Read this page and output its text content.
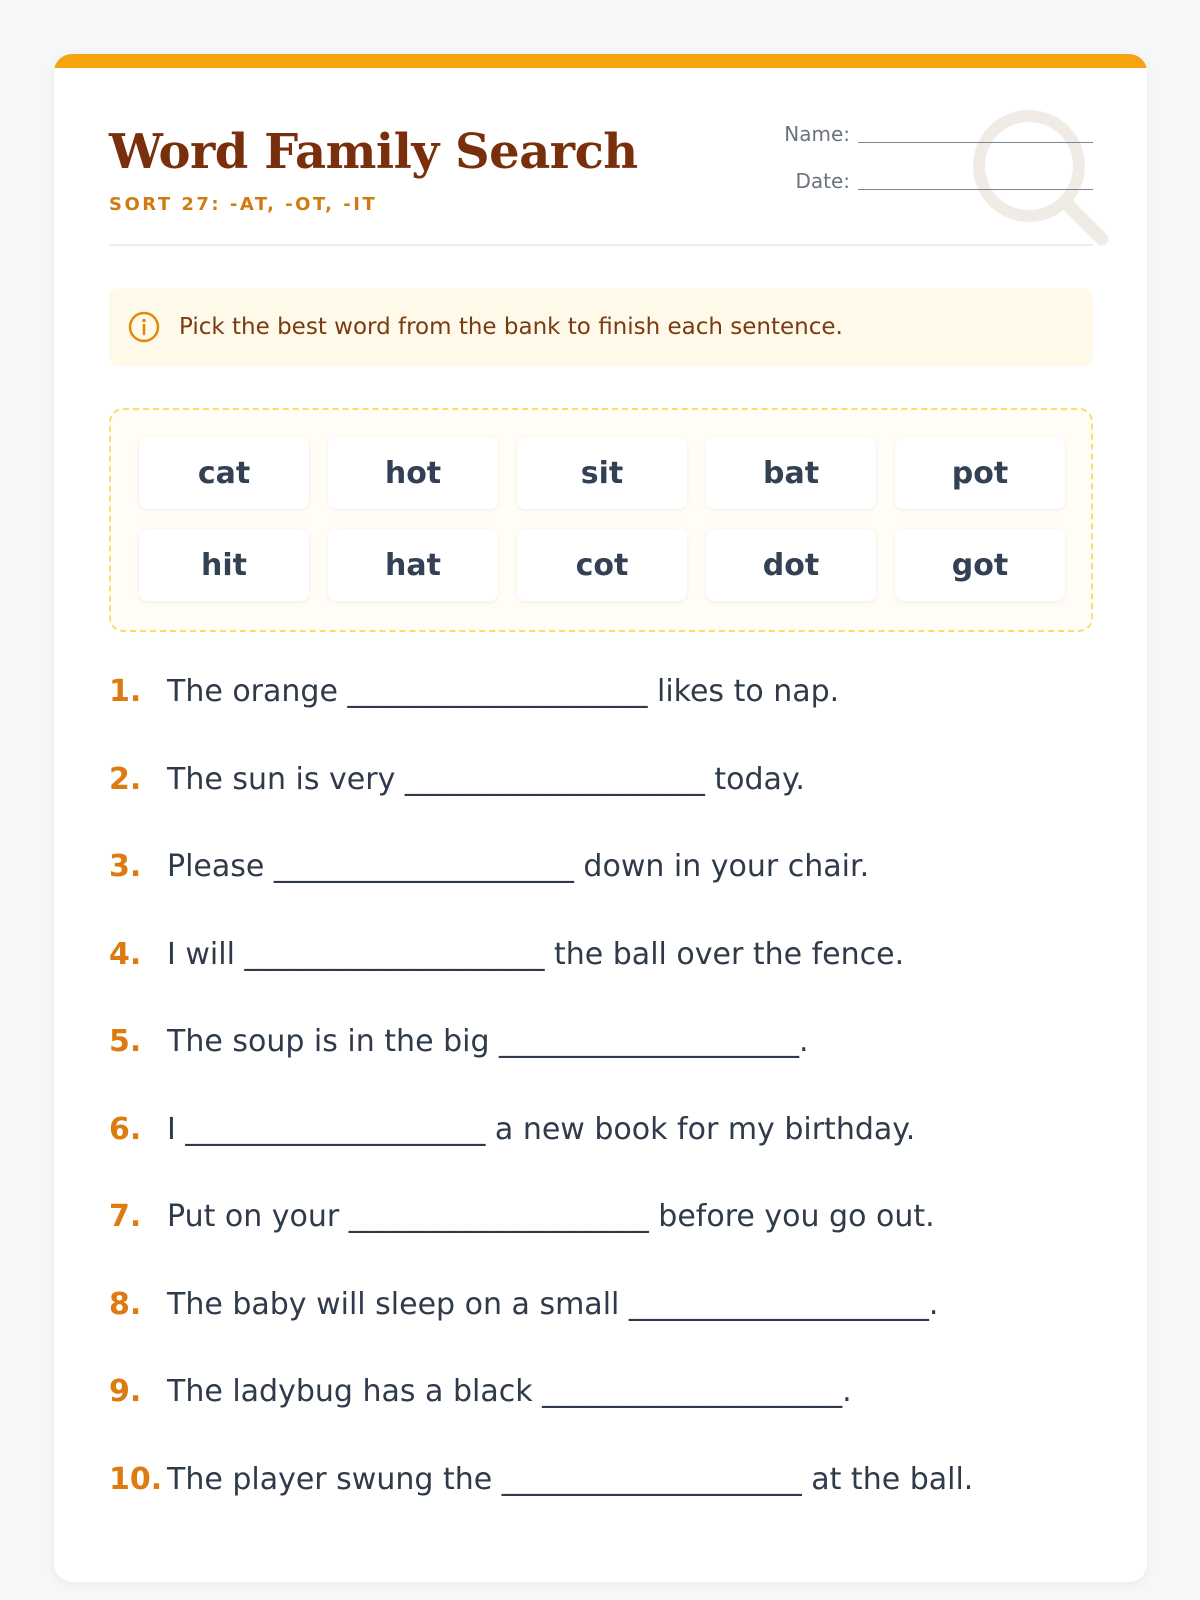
Word Family Search
SORT 27: -AT, -OT, -IT
Name:
Date:
Pick the best word from the bank to finish each sentence.
cat	hot	sit	bat	pot
hit	hat	cot	dot	got
1. The orange ____________________ likes to nap.
2. The sun is very ____________________ today.
3. Please ____________________ down in your chair.
4. I will ____________________ the ball over the fence.
5. The soup is in the big ____________________.
6. I ____________________ a new book for my birthday.
7. Put on your ____________________ before you go out.
8. The baby will sleep on a small ____________________.
9. The ladybug has a black ____________________.
10. The player swung the ____________________ at the ball.
